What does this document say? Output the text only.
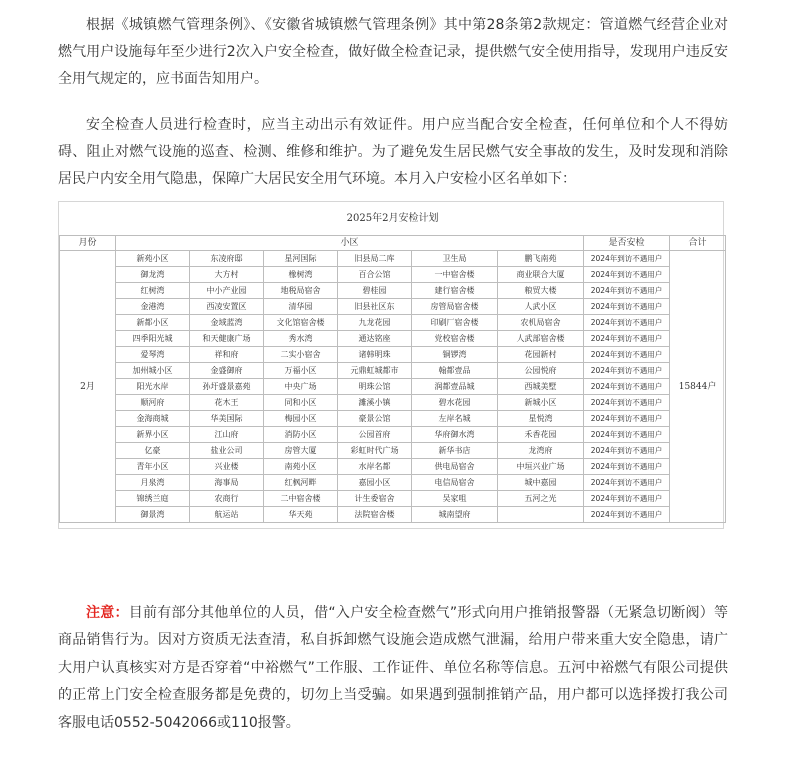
根据《城镇燃气管理条例》、《安徽省城镇燃气管理条例》其中第28条第2款规定：管道燃气经营企业对燃气用户设施每年至少进行2次入户安全检查，做好做全检查记录，提供燃气安全使用指导，发现用户违反安全用气规定的，应书面告知用户。

安全检查人员进行检查时，应当主动出示有效证件。用户应当配合安全检查，任何单位和个人不得妨碍、阻止对燃气设施的巡查、检测、维修和维护。为了避免发生居民燃气安全事故的发生，及时发现和消除居民户内安全用气隐患，保障广大居民安全用气环境。本月入户安检小区名单如下：

2025年2月安检计划								
月份	小区						是否安检	合计
2月	新苑小区	东凌府邸	星河国际	旧县局二库	卫生局	鹏飞南苑	2024年到访不遇用户	15844户
	御龙湾	大方村	橡树湾	百合公馆	一中宿舍楼	商业联合大厦	2024年到访不遇用户	
	红树湾	中小产业园	地税局宿舍	碧桂园	建行宿舍楼	粮贸大楼	2024年到访不遇用户	
	金港湾	西凌安置区	清华园	旧县社区东	房管局宿舍楼	人武小区	2024年到访不遇用户	
	新都小区	金域蓝湾	文化馆宿舍楼	九龙花园	印刷厂宿舍楼	农机局宿舍	2024年到访不遇用户	
	四季阳光城	和天健康广场	秀水湾	通达铭座	党校宿舍楼	人武部宿舍楼	2024年到访不遇用户	
	爱琴湾	祥和府	二实小宿舍	诸韩明珠	铜锣湾	花园新村	2024年到访不遇用户	
	加州城小区	金盛御府	万福小区	元鼎虹城都市	翰都壹品	公园悦府	2024年到访不遇用户	
	阳光水岸	孙圩盛景嘉苑	中央广场	明珠公馆	润都壹品城	西城美墅	2024年到访不遇用户	
	顺河府	花木王	同和小区	濉溪小镇	碧水花园	新城小区	2024年到访不遇用户	
	金海商城	华美国际	梅园小区	豪景公馆	左岸名城	星悦湾	2024年到访不遇用户	
	新界小区	江山府	消防小区	公园首府	华府御水湾	禾香花园	2024年到访不遇用户	
	亿豪	盐业公司	房管大厦	彩虹时代广场	新华书店	龙湾府	2024年到访不遇用户	
	青年小区	兴业楼	南苑小区	水岸名都	供电局宿舍	中垣兴业广场	2024年到访不遇用户	
	月泉湾	海事局	红枫河畔	嘉园小区	电信局宿舍	城中嘉园	2024年到访不遇用户	
	锦绣兰庭	农商行	二中宿舍楼	计生委宿舍	吴家咀	五河之光	2024年到访不遇用户	
	御景湾	航运站	华天苑	法院宿舍楼	城南望府		2024年到访不遇用户	

注意：目前有部分其他单位的人员，借“入户安全检查燃气”形式向用户推销报警器（无紧急切断阀）等商品销售行为。因对方资质无法查清，私自拆卸燃气设施会造成燃气泄漏，给用户带来重大安全隐患，请广大用户认真核实对方是否穿着“中裕燃气”工作服、工作证件、单位名称等信息。五河中裕燃气有限公司提供的正常上门安全检查服务都是免费的，切勿上当受骗。如果遇到强制推销产品，用户都可以选择拨打我公司客服电话0552-5042066或110报警。
